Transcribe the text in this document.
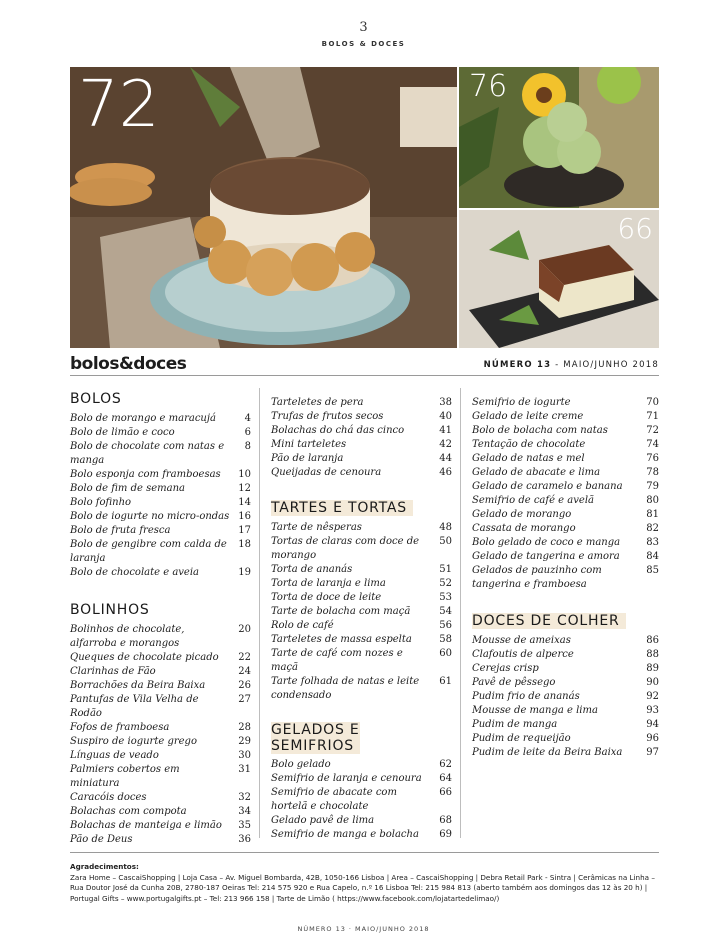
3
BOLOS & DOCES
72	76
66
bolos&doces	NÚMERO 13 - MAIO/JUNHO 2018
BOLOS
Bolo de morango e maracujá	4
Bolo de limão e coco	6
Bolo de chocolate com natas e manga
8
Bolo esponja com framboesas	10
Bolo de fim de semana	12
Bolo fofinho	14
Bolo de iogurte no micro-ondas 16
Bolo de fruta fresca	17
Bolo de gengibre com calda de laranja
18
Bolo de chocolate e aveia	19
BOLINHOS
Bolinhos de chocolate, alfarroba e morangos
20
Queques de chocolate picado	22
Clarinhas de Fão	24
Borrachões da Beira Baixa	26
Pantufas de Vila Velha de Rodão
27
Fofos de framboesa	28
Suspiro de iogurte grego	29
Línguas de veado	30
Palmiers cobertos em miniatura
31
Caracóis doces	32
Bolachas com compota	34
Bolachas de manteiga e limão	35
Pão de Deus	36
Tarteletes de pera	38
Trufas de frutos secos	40
Bolachas do chá das cinco	41
Mini tarteletes	42
Pão de laranja	44
Queijadas de cenoura	46
TARTES E TORTAS
Tarte de nêsperas	48
Tortas de claras com doce de morango
50
Torta de ananás	51
Torta de laranja e lima	52
Torta de doce de leite	53
Tarte de bolacha com maçã	54
Rolo de café	56
Tarteletes de massa espelta	58
Tarte de café com nozes e maçã
60
Tarte folhada de natas e leite condensado
61
GELADOS E SEMIFRIOS
Bolo gelado	62
Semifrio de laranja e cenoura	64
Semifrio de abacate com hortelã e chocolate
66
Gelado pavê de lima	68
Semifrio de manga e bolacha	69
Semifrio de iogurte	70
Gelado de leite creme	71
Bolo de bolacha com natas	72
Tentação de chocolate	74
Gelado de natas e mel	76
Gelado de abacate e lima	78
Gelado de caramelo e banana	79
Semifrio de café e avelã	80
Gelado de morango	81
Cassata de morango	82
Bolo gelado de coco e manga	83
Gelado de tangerina e amora	84
Gelados de pauzinho com tangerina e framboesa
85
DOCES DE COLHER
Mousse de ameixas	86
Clafoutis de alperce	88
Cerejas crisp	89
Pavê de pêssego	90
Pudim frio de ananás	92
Mousse de manga e lima	93
Pudim de manga	94
Pudim de requeijão	96
Pudim de leite da Beira Baixa	97
Agradecimentos:
Zara Home – CascaiShopping | Loja Casa – Av. Miguel Bombarda, 42B, 1050-166 Lisboa | Area – CascaiShopping | Debra Retail Park - Sintra | Cerâmicas na Linha – Rua Doutor José da Cunha 20B, 2780-187 Oeiras Tel: 214 575 920 e Rua Capelo, n.º 16 Lisboa Tel: 215 984 813 (aberto também aos domingos das 12 às 20 h) | Portugal Gifts – www.portugalgifts.pt – Tel: 213 966 158 | Tarte de Limão ( https://www.facebook.com/lojatartedelimao/)
NÚMERO 13 · MAIO/JUNHO 2018
